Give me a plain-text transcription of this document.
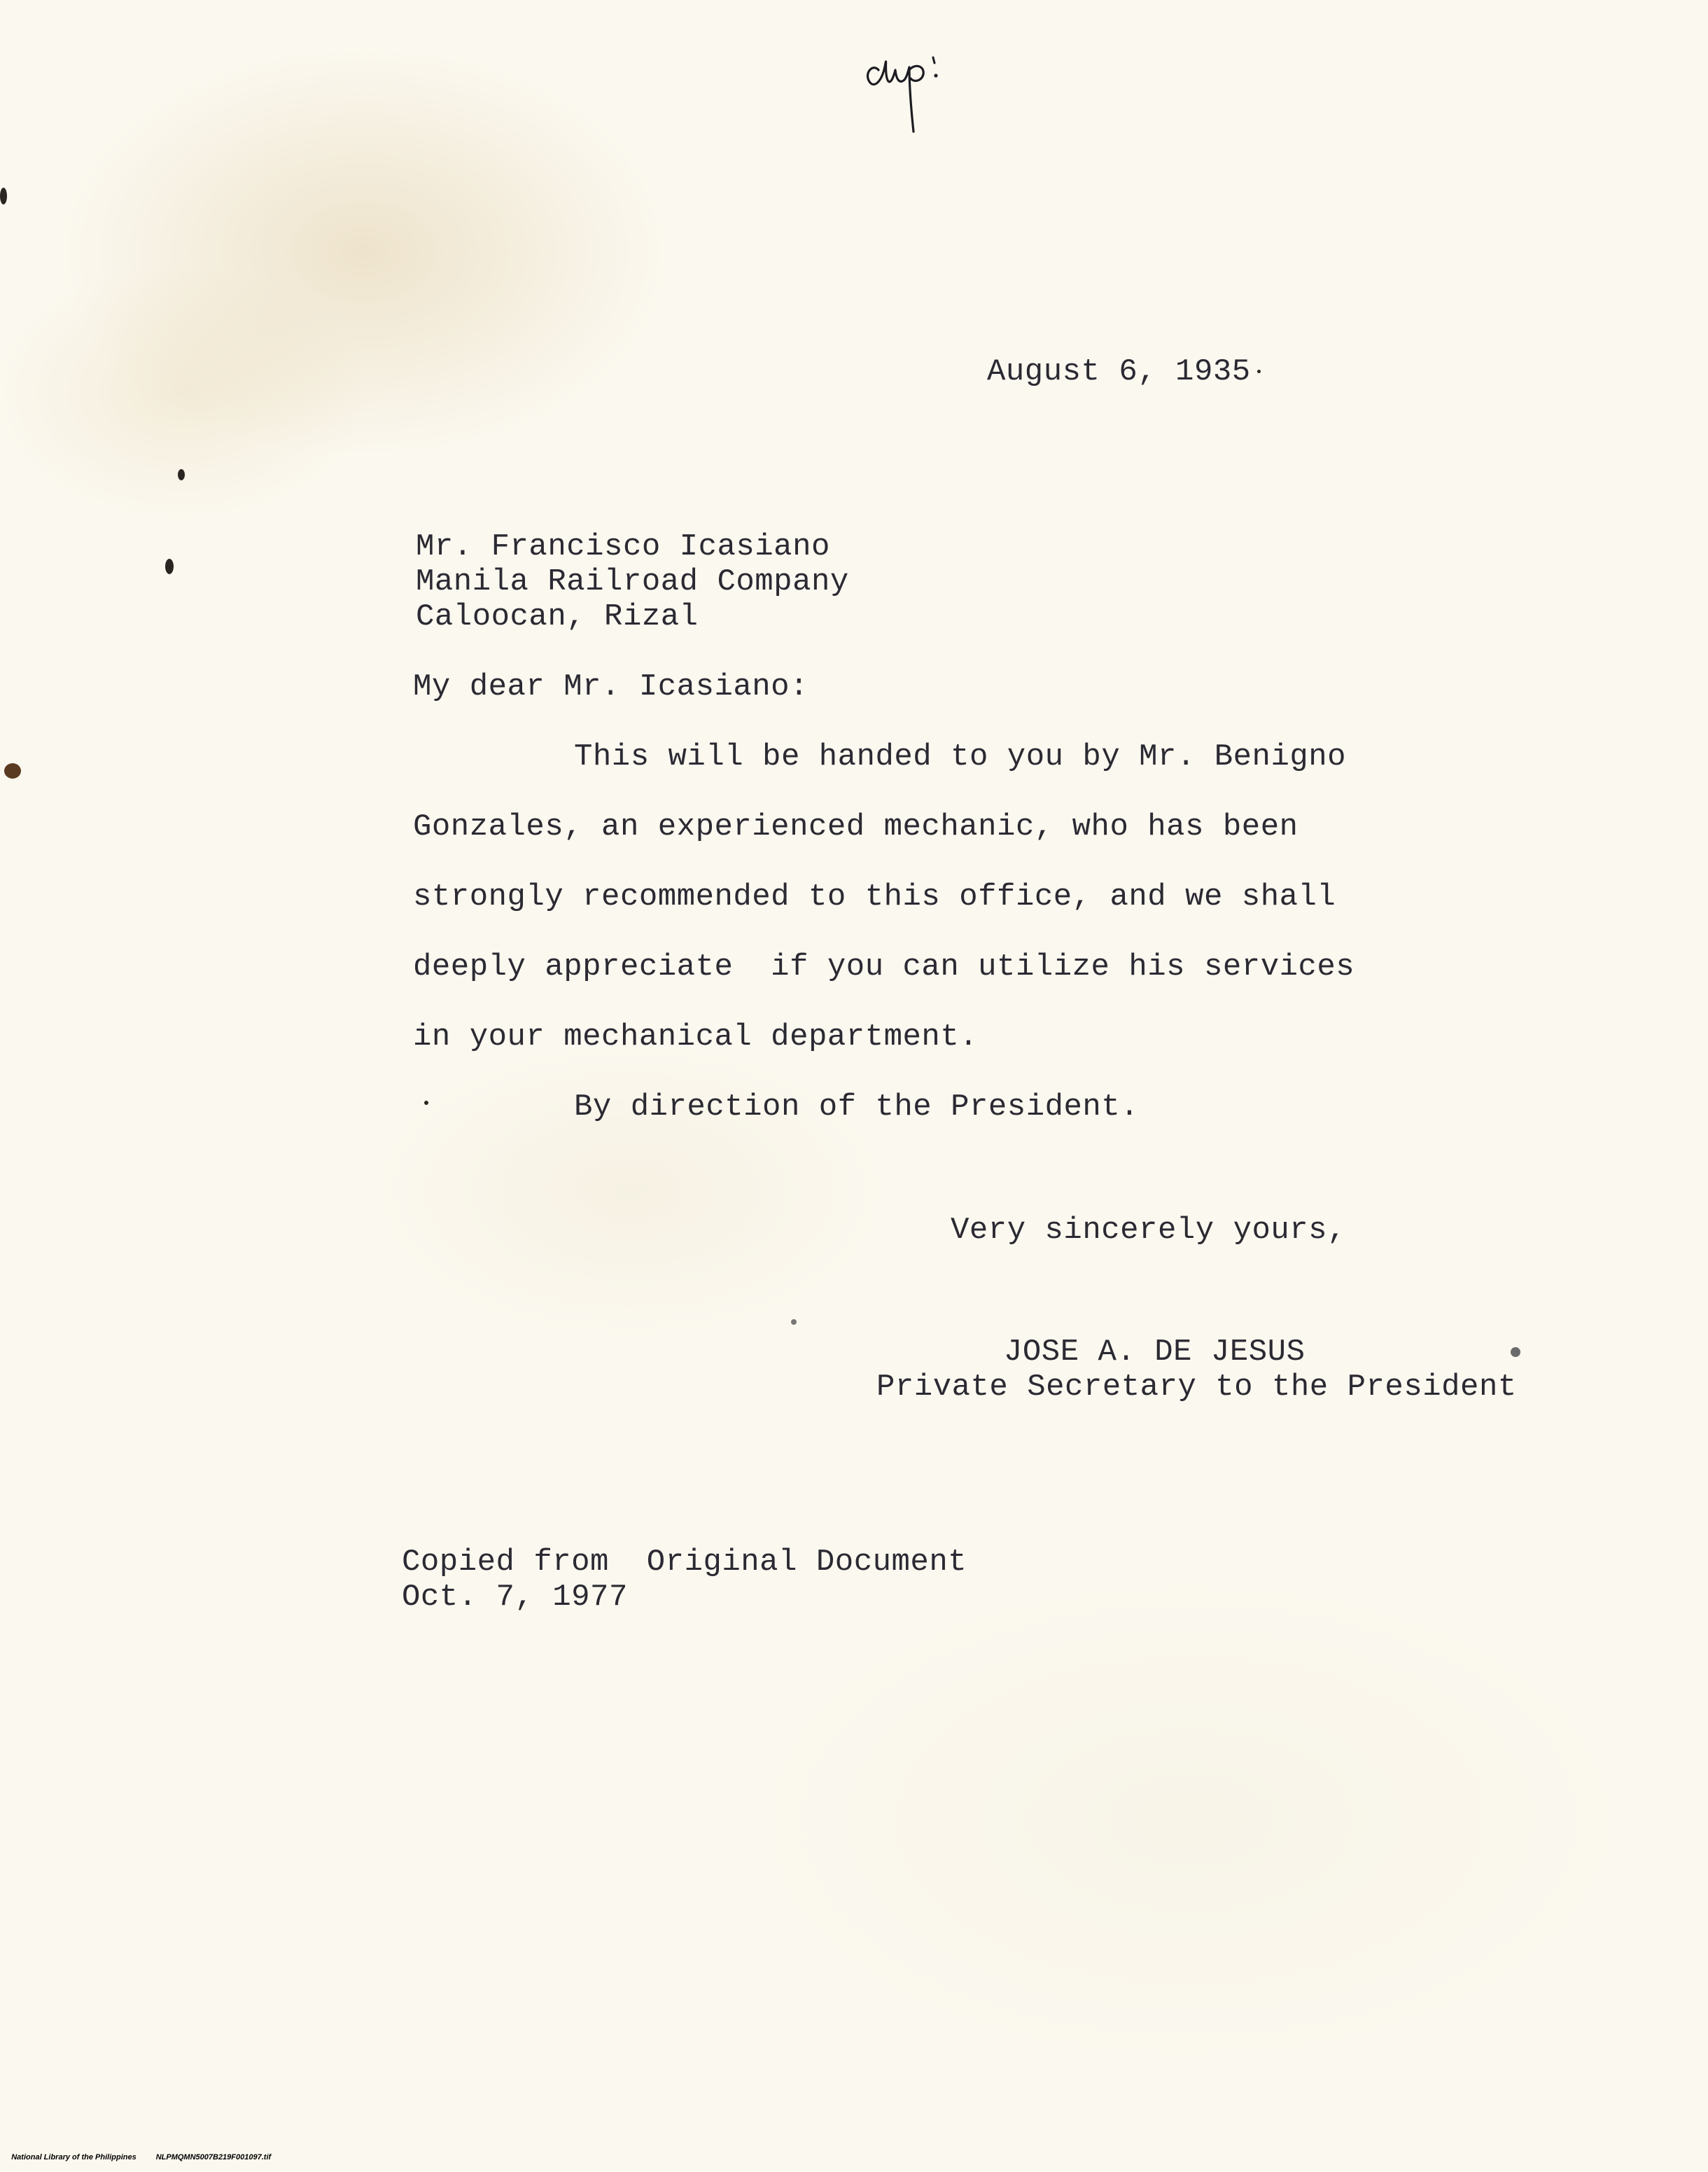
August 6, 1935

Mr. Francisco Icasiano

Manila Railroad Company

Caloocan, Rizal

My dear Mr. Icasiano:

This will be handed to you by Mr. Benigno

Gonzales, an experienced mechanic, who has been

strongly recommended to this office, and we shall

deeply appreciate  if you can utilize his services

in your mechanical department.

By direction of the President.

Very sincerely yours,

JOSE A. DE JESUS

Private Secretary to the President

Copied from  Original Document

Oct. 7, 1977

National Library of the Philippines	NLPMQMN5007B219F001097.tif
